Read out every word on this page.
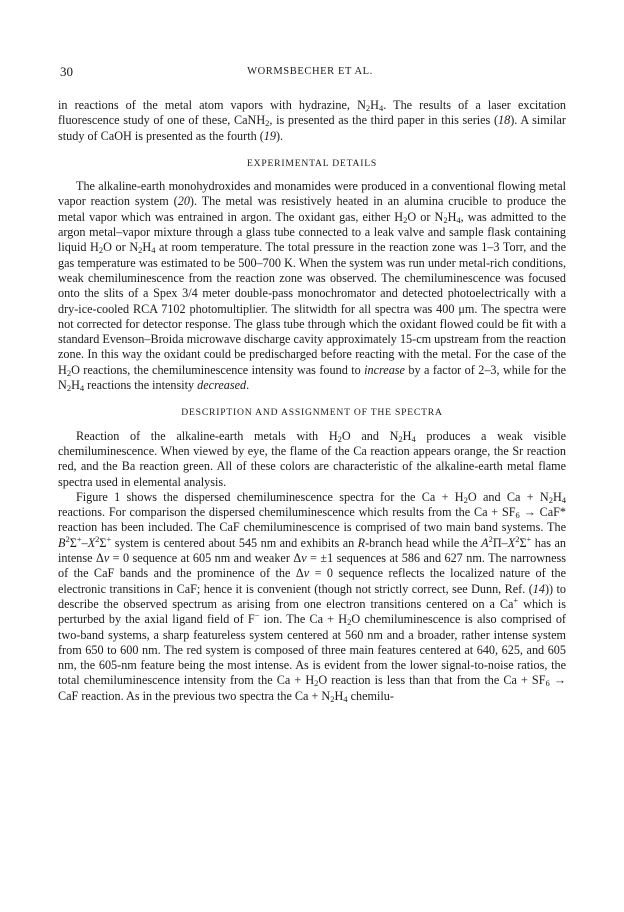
30	WORMSBECHER ET AL.

in reactions of the metal atom vapors with hydrazine, $N_2H_4$. The results of a laser excitation fluorescence study of one of these, CaNH$_2$, is presented as the third paper in this series (18). A similar study of CaOH is presented as the fourth (19).

EXPERIMENTAL DETAILS

The alkaline-earth monohydroxides and monamides were produced in a conventional flowing metal vapor reaction system (20). The metal was resistively heated in an alumina crucible to produce the metal vapor which was entrained in argon. The oxidant gas, either $H_2O$ or $N_2H_4$, was admitted to the argon metal–vapor mixture through a glass tube connected to a leak valve and sample flask containing liquid $H_2O$ or $N_2H_4$ at room temperature. The total pressure in the reaction zone was 1–3 Torr, and the gas temperature was estimated to be 500–700 K. When the system was run under metal-rich conditions, weak chemiluminescence from the reaction zone was observed. The chemiluminescence was focused onto the slits of a Spex 3/4 meter double-pass monochromator and detected photoelectrically with a dry-ice-cooled RCA 7102 photomultiplier. The slitwidth for all spectra was 400 μm. The spectra were not corrected for detector response. The glass tube through which the oxidant flowed could be fit with a standard Evenson–Broida microwave discharge cavity approximately 15-cm upstream from the reaction zone. In this way the oxidant could be predischarged before reacting with the metal. For the case of the $H_2O$ reactions, the chemiluminescence intensity was found to increase by a factor of 2–3, while for the $N_2H_4$ reactions the intensity decreased.

DESCRIPTION AND ASSIGNMENT OF THE SPECTRA

Reaction of the alkaline-earth metals with $H_2O$ and $N_2H_4$ produces a weak visible chemiluminescence. When viewed by eye, the flame of the Ca reaction appears orange, the Sr reaction red, and the Ba reaction green. All of these colors are characteristic of the alkaline-earth metal flame spectra used in elemental analysis.

Figure 1 shows the dispersed chemiluminescence spectra for the $Ca + H_2O$ and $Ca + N_2H_4$ reactions. For comparison the dispersed chemiluminescence which results from the $Ca + SF_6 \to CaF*$ reaction has been included. The CaF chemiluminescence is comprised of two main band systems. The $B^2\Sigma^+-X^2\Sigma^+$ system is centered about 545 nm and exhibits an R-branch head while the $A^2\Pi-X^2\Sigma^+$ has an intense Δv = 0 sequence at 605 nm and weaker Δv = ±1 sequences at 586 and 627 nm. The narrowness of the CaF bands and the prominence of the Δv = 0 sequence reflects the localized nature of the electronic transitions in CaF; hence it is convenient (though not strictly correct, see Dunn, Ref. (14)) to describe the observed spectrum as arising from one electron transitions centered on a Ca+ which is perturbed by the axial ligand field of F− ion. The $Ca + H_2O$ chemiluminescence is also comprised of two-band systems, a sharp featureless system centered at 560 nm and a broader, rather intense system from 650 to 600 nm. The red system is composed of three main features centered at 640, 625, and 605 nm, the 605-nm feature being the most intense. As is evident from the lower signal-to-noise ratios, the total chemiluminescence intensity from the $Ca + H_2O$ reaction is less than that from the $Ca + SF_6$ → CaF reaction. As in the previous two spectra the $Ca + N_2H_4$ chemilu-
